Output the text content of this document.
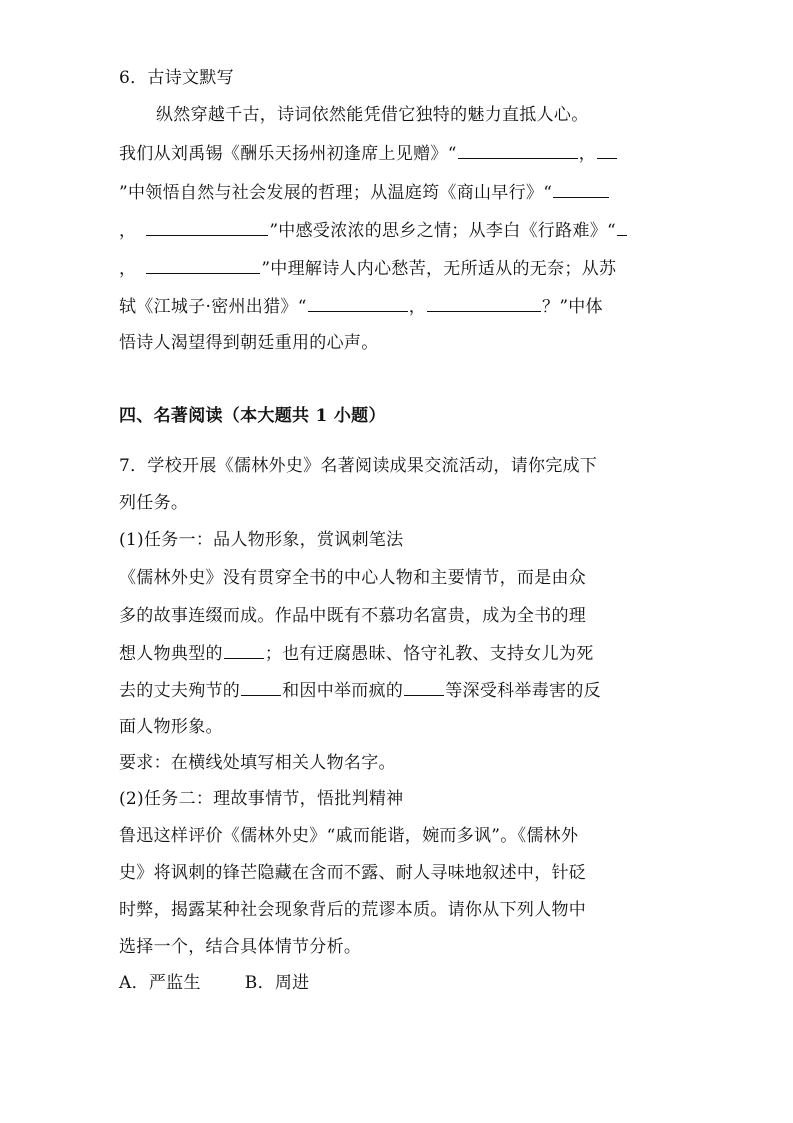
6．古诗文默写
纵然穿越千古，诗词依然能凭借它独特的魅力直抵人心。
我们从刘禹锡《酬乐天扬州初逢席上见赠》“	，
”中领悟自然与社会发展的哲理；从温庭筠《商山早行》“
，	”中感受浓浓的思乡之情；从李白《行路难》“
，	”中理解诗人内心愁苦，无所适从的无奈；从苏
轼《江城子·密州出猎》“	，	？”中体
悟诗人渴望得到朝廷重用的心声。
四、名著阅读（本大题共 1 小题）
7．学校开展《儒林外史》名著阅读成果交流活动，请你完成下
列任务。
(1)任务一：品人物形象，赏讽刺笔法
《儒林外史》没有贯穿全书的中心人物和主要情节，而是由众
多的故事连缀而成。作品中既有不慕功名富贵，成为全书的理
想人物典型的 ；也有迂腐愚昧、恪守礼教、支持女儿为死
去的丈夫殉节的 和因中举而疯的 等深受科举毒害的反
面人物形象。
要求：在横线处填写相关人物名字。
(2)任务二：理故事情节，悟批判精神
鲁迅这样评价《儒林外史》“戚而能谐，婉而多讽”。《儒林外
史》将讽刺的锋芒隐藏在含而不露、耐人寻味地叙述中，针砭
时弊，揭露某种社会现象背后的荒谬本质。请你从下列人物中
选择一个，结合具体情节分析。
A．严监生	B．周进
